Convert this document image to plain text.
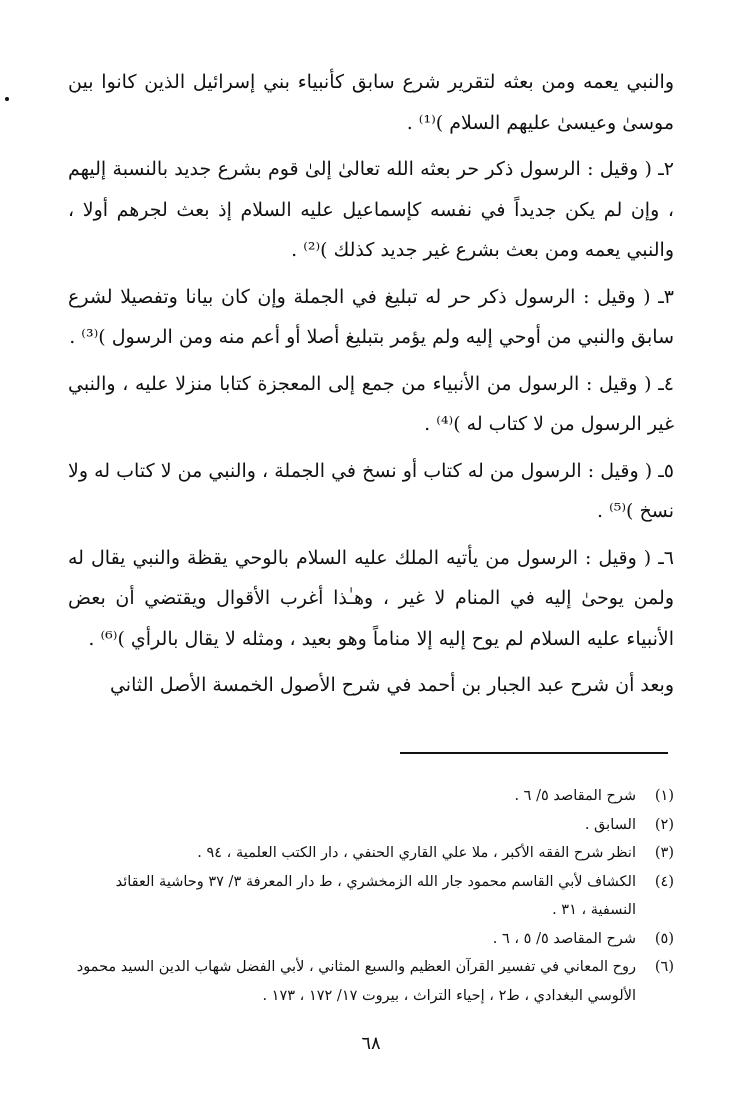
والنبي يعمه ومن بعثه لتقرير شرع سابق كأنبياء بني إسرائيل الذين كانوا بين موسىٰ وعيسىٰ عليهم السلام )⁽¹⁾ .

٢ـ ( وقيل : الرسول ذكر حر بعثه الله تعالىٰ إلىٰ قوم بشرع جديد بالنسبة إليهم ، وإن لم يكن جديداً في نفسه كإسماعيل عليه السلام إذ بعث لجرهم أولا ، والنبي يعمه ومن بعث بشرع غير جديد كذلك )⁽²⁾ .

٣ـ ( وقيل : الرسول ذكر حر له تبليغ في الجملة وإن كان بيانا وتفصيلا لشرع سابق والنبي من أوحي إليه ولم يؤمر بتبليغ أصلا أو أعم منه ومن الرسول )⁽³⁾ .

٤ـ ( وقيل : الرسول من الأنبياء من جمع إلى المعجزة كتابا منزلا عليه ، والنبي غير الرسول من لا كتاب له )⁽⁴⁾ .

٥ـ ( وقيل : الرسول من له كتاب أو نسخ في الجملة ، والنبي من لا كتاب له ولا نسخ )⁽⁵⁾ .

٦ـ ( وقيل : الرسول من يأتيه الملك عليه السلام بالوحي يقظة والنبي يقال له ولمن يوحىٰ إليه في المنام لا غير ، وهـٰذا أغرب الأقوال ويقتضي أن بعض الأنبياء عليه السلام لم يوح إليه إلا مناماً وهو بعيد ، ومثله لا يقال بالرأي )⁽⁶⁾ .

وبعد أن شرح عبد الجبار بن أحمد في شرح الأصول الخمسة الأصل الثاني

(١)
شرح المقاصد ٥/ ٦ .
(٢)
السابق .
(٣)
انظر شرح الفقه الأكبر ، ملا علي القاري الحنفي ، دار الكتب العلمية ، ٩٤ .
(٤)
الكشاف لأبي القاسم محمود جار الله الزمخشري ، ط دار المعرفة ٣/ ٣٧ وحاشية العقائد النسفية ، ٣١ .
(٥)
شرح المقاصد ٥/ ٥ ، ٦ .
(٦)
روح المعاني في تفسير القرآن العظيم والسبع المثاني ، لأبي الفضل شهاب الدين السيد محمود الألوسي البغدادي ، ط٢ ، إحياء التراث ، بيروت ١٧/ ١٧٢ ، ١٧٣ .
٦٨
